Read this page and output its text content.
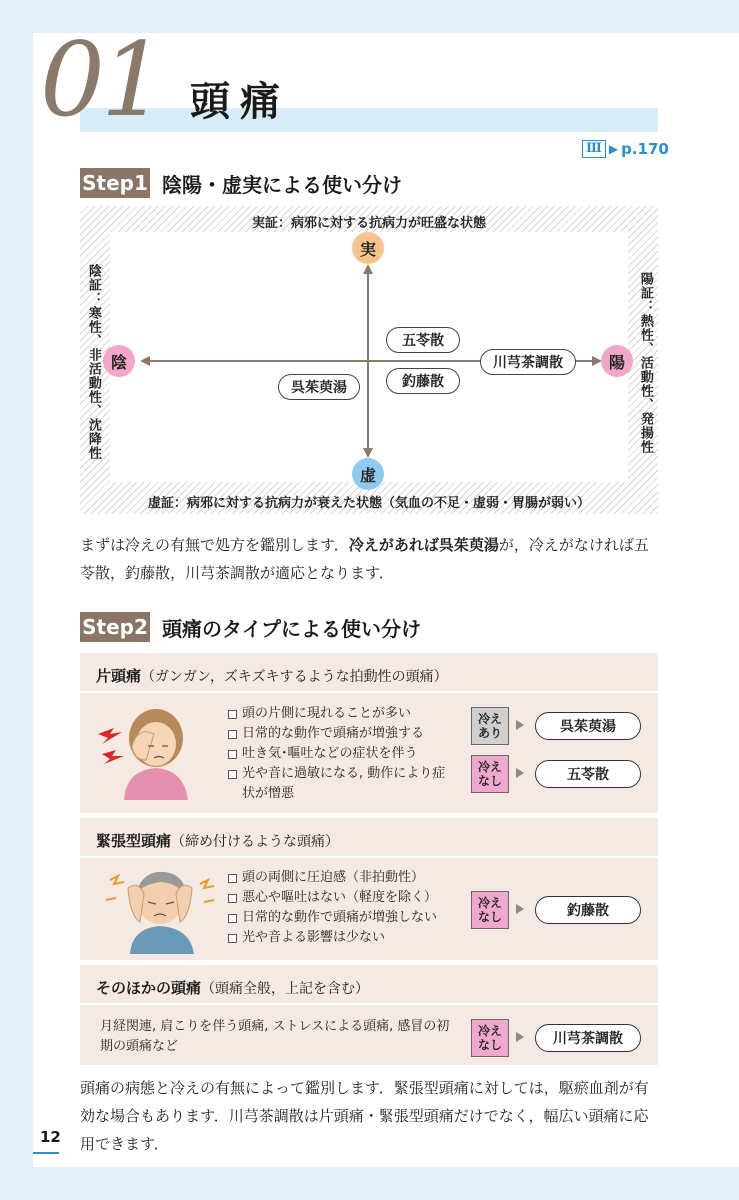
01 頭痛
Ⅲ ▶ p.170
Step1 陰陽・虚実による使い分け
実証：病邪に対する抗病力が旺盛な状態
虚証：病邪に対する抗病力が衰えた状態（気血の不足・虚弱・胃腸が弱い）
陰証：寒性、非活動性、沈降性	陽証：熱性、活動性、発揚性
実
虚
陰	陽
五苓散
釣藤散
呉茱萸湯
川芎茶調散
まずは冷えの有無で処方を鑑別します．冷えがあれば呉茱萸湯が，冷えがなければ五苓散，釣藤散，川芎茶調散が適応となります．
Step2 頭痛のタイプによる使い分け
片頭痛（ガンガン，ズキズキするような拍動性の頭痛）
頭の片側に現れることが多い
日常的な動作で頭痛が増強する
吐き気･嘔吐などの症状を伴う
光や音に過敏になる, 動作により症状が憎悪
冷え
あり	呉茱萸湯
冷え
なし	五苓散
緊張型頭痛（締め付けるような頭痛）
頭の両側に圧迫感（非拍動性）
悪心や嘔吐はない（軽度を除く）
日常的な動作で頭痛が増強しない
光や音よる影響は少ない
冷え
なし	釣藤散
そのほかの頭痛（頭痛全般，上記を含む）
月経関連, 肩こりを伴う頭痛, ストレスによる頭痛, 感冒の初期の頭痛など
冷え
なし	川芎茶調散
頭痛の病態と冷えの有無によって鑑別します．緊張型頭痛に対しては，駆瘀血剤が有効な場合もあります．川芎茶調散は片頭痛・緊張型頭痛だけでなく，幅広い頭痛に応用できます．
12
